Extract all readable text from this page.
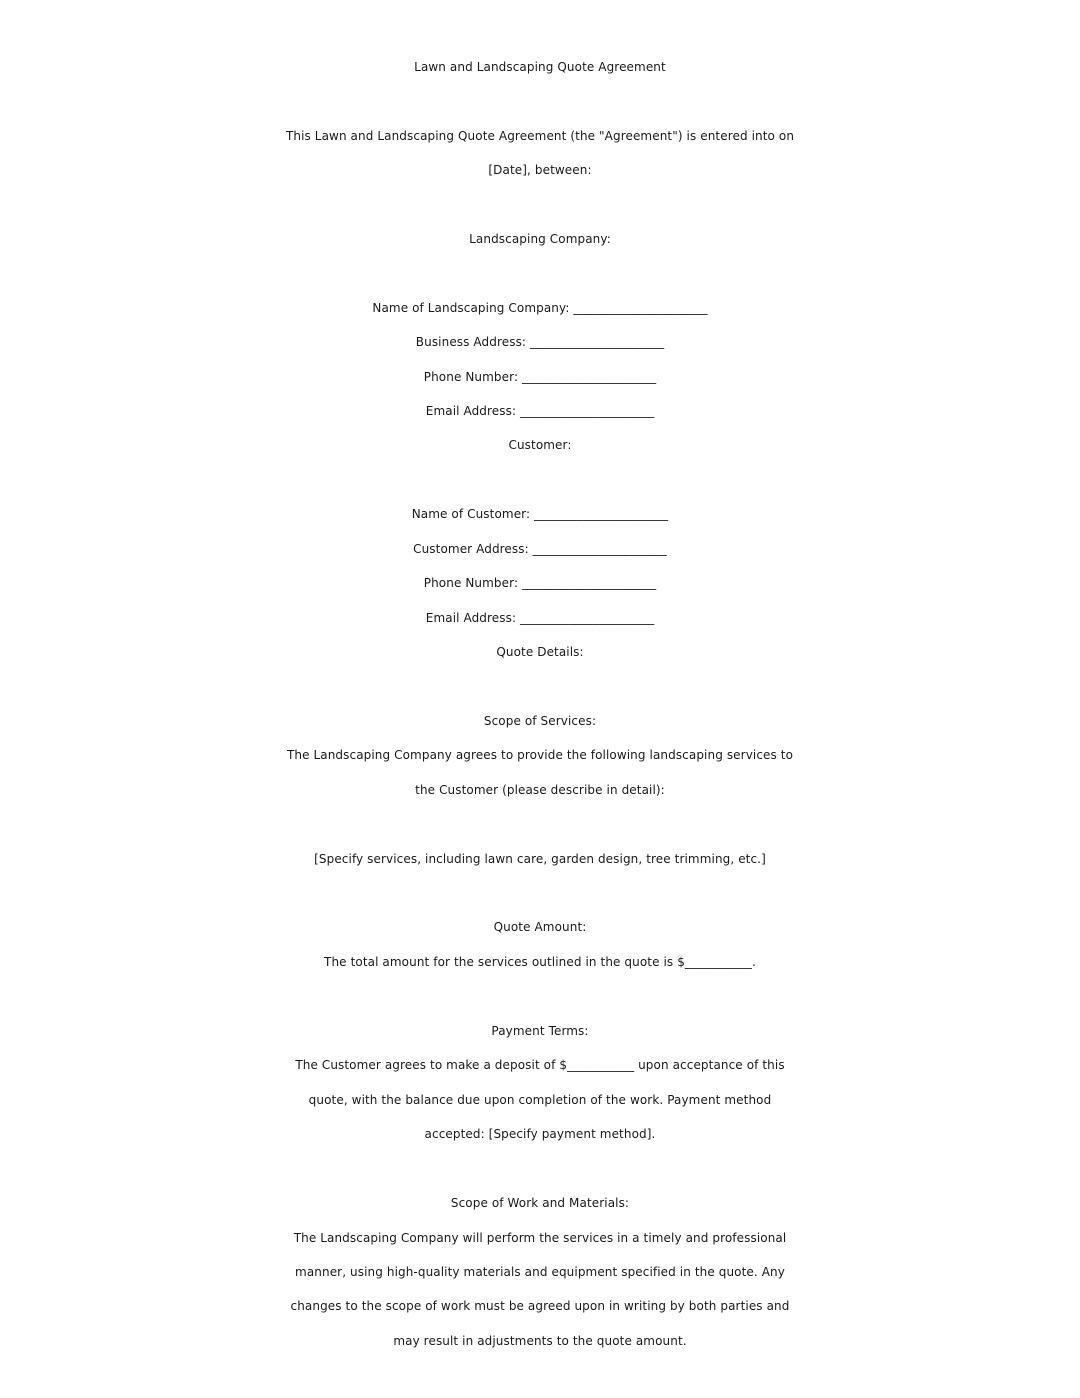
Lawn and Landscaping Quote Agreement
This Lawn and Landscaping Quote Agreement (the "Agreement") is entered into on
[Date], between:
Landscaping Company:
Name of Landscaping Company: ______________________
Business Address: ______________________
Phone Number: ______________________
Email Address: ______________________
Customer:
Name of Customer: ______________________
Customer Address: ______________________
Phone Number: ______________________
Email Address: ______________________
Quote Details:
Scope of Services:
The Landscaping Company agrees to provide the following landscaping services to
the Customer (please describe in detail):
[Specify services, including lawn care, garden design, tree trimming, etc.]
Quote Amount:
The total amount for the services outlined in the quote is $___________.
Payment Terms:
The Customer agrees to make a deposit of $___________ upon acceptance of this
quote, with the balance due upon completion of the work. Payment method
accepted: [Specify payment method].
Scope of Work and Materials:
The Landscaping Company will perform the services in a timely and professional
manner, using high-quality materials and equipment specified in the quote. Any
changes to the scope of work must be agreed upon in writing by both parties and
may result in adjustments to the quote amount.
